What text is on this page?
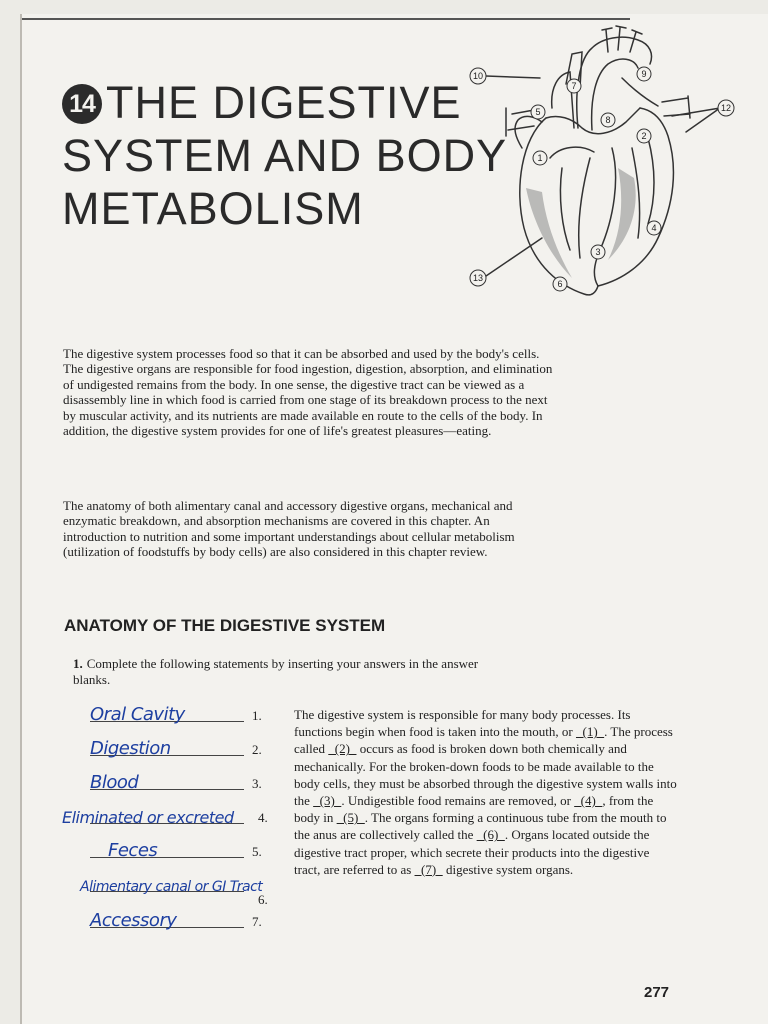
14 THE DIGESTIVE
SYSTEM AND BODY
METABOLISM
10
7
9
5
8
12
2
1
4
3
13
6

The digestive system processes food so that it can be absorbed and used by the body's cells. The digestive organs are responsible for food ingestion, digestion, absorption, and elimination of undigested remains from the body. In one sense, the digestive tract can be viewed as a disassembly line in which food is carried from one stage of its breakdown process to the next by muscular activity, and its nutrients are made available en route to the cells of the body. In addition, the digestive system provides for one of life's greatest pleasures—eating.

The anatomy of both alimentary canal and accessory digestive organs, mechanical and enzymatic breakdown, and absorption mechanisms are covered in this chapter. An introduction to nutrition and some important understandings about cellular metabolism (utilization of foodstuffs by body cells) are also considered in this chapter review.

ANATOMY OF THE DIGESTIVE SYSTEM

1. Complete the following statements by inserting your answers in the answer blanks.

Oral Cavity	1.
Digestion	2.
Blood	3.
Eliminated or excreted 4.
Feces	5.
Alimentary canal or GI Tract
6.
Accessory	7.

The digestive system is responsible for many body processes. Its functions begin when food is taken into the mouth, or   (1)  . The process called   (2)   occurs as food is broken down both chemically and mechanically. For the broken-down foods to be made available to the body cells, they must be absorbed through the digestive system walls into the   (3)  . Undigestible food remains are removed, or   (4)  , from the body in   (5)  . The organs forming a continuous tube from the mouth to the anus are collectively called the   (6)  . Organs located outside the digestive tract proper, which secrete their products into the digestive tract, are referred to as   (7)   digestive system organs.

277
